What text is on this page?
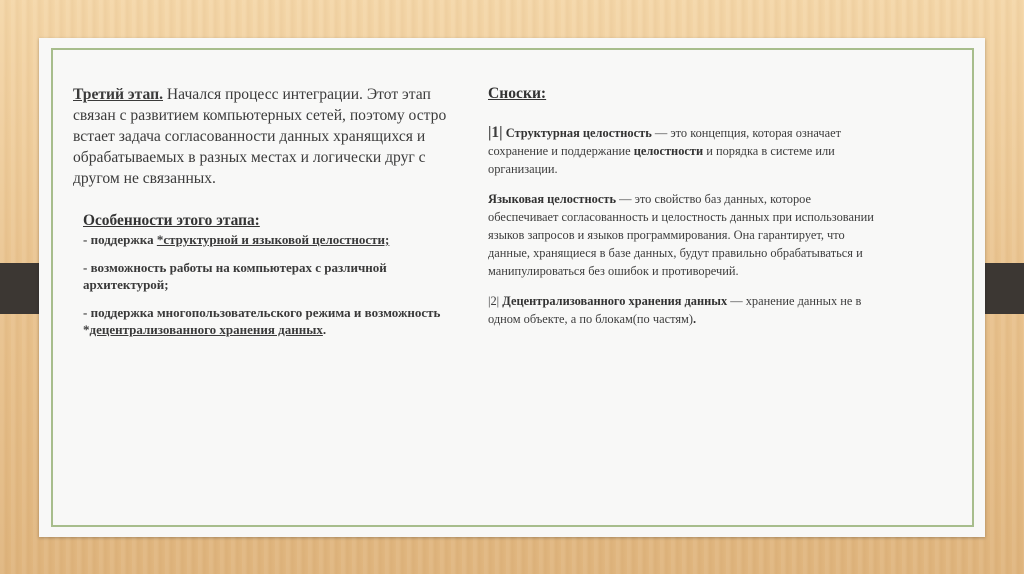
Третий этап. Начался процесс интеграции. Этот этап связан с развитием компьютерных сетей, поэтому остро встает задача согласованности данных хранящихся и обрабатываемых в разных местах и логически друг с другом не связанных.

Особенности этого этапа:

- поддержка *структурной и языковой целостности;

- возможность работы на компьютерах с различной архитектурой;

- поддержка многопользовательского режима и возможность *децентрализованного хранения данных.

Сноски:

|1| Структурная целостность — это концепция, которая означает сохранение и поддержание целостности и порядка в системе или организации.

Языковая целостность — это свойство баз данных, которое обеспечивает согласованность и целостность данных при использовании языков запросов и языков программирования. Она гарантирует, что данные, хранящиеся в базе данных, будут правильно обрабатываться и манипулироваться без ошибок и противоречий.

|2| Децентрализованного хранения данных — хранение данных не в одном объекте, а по блокам(по частям).
